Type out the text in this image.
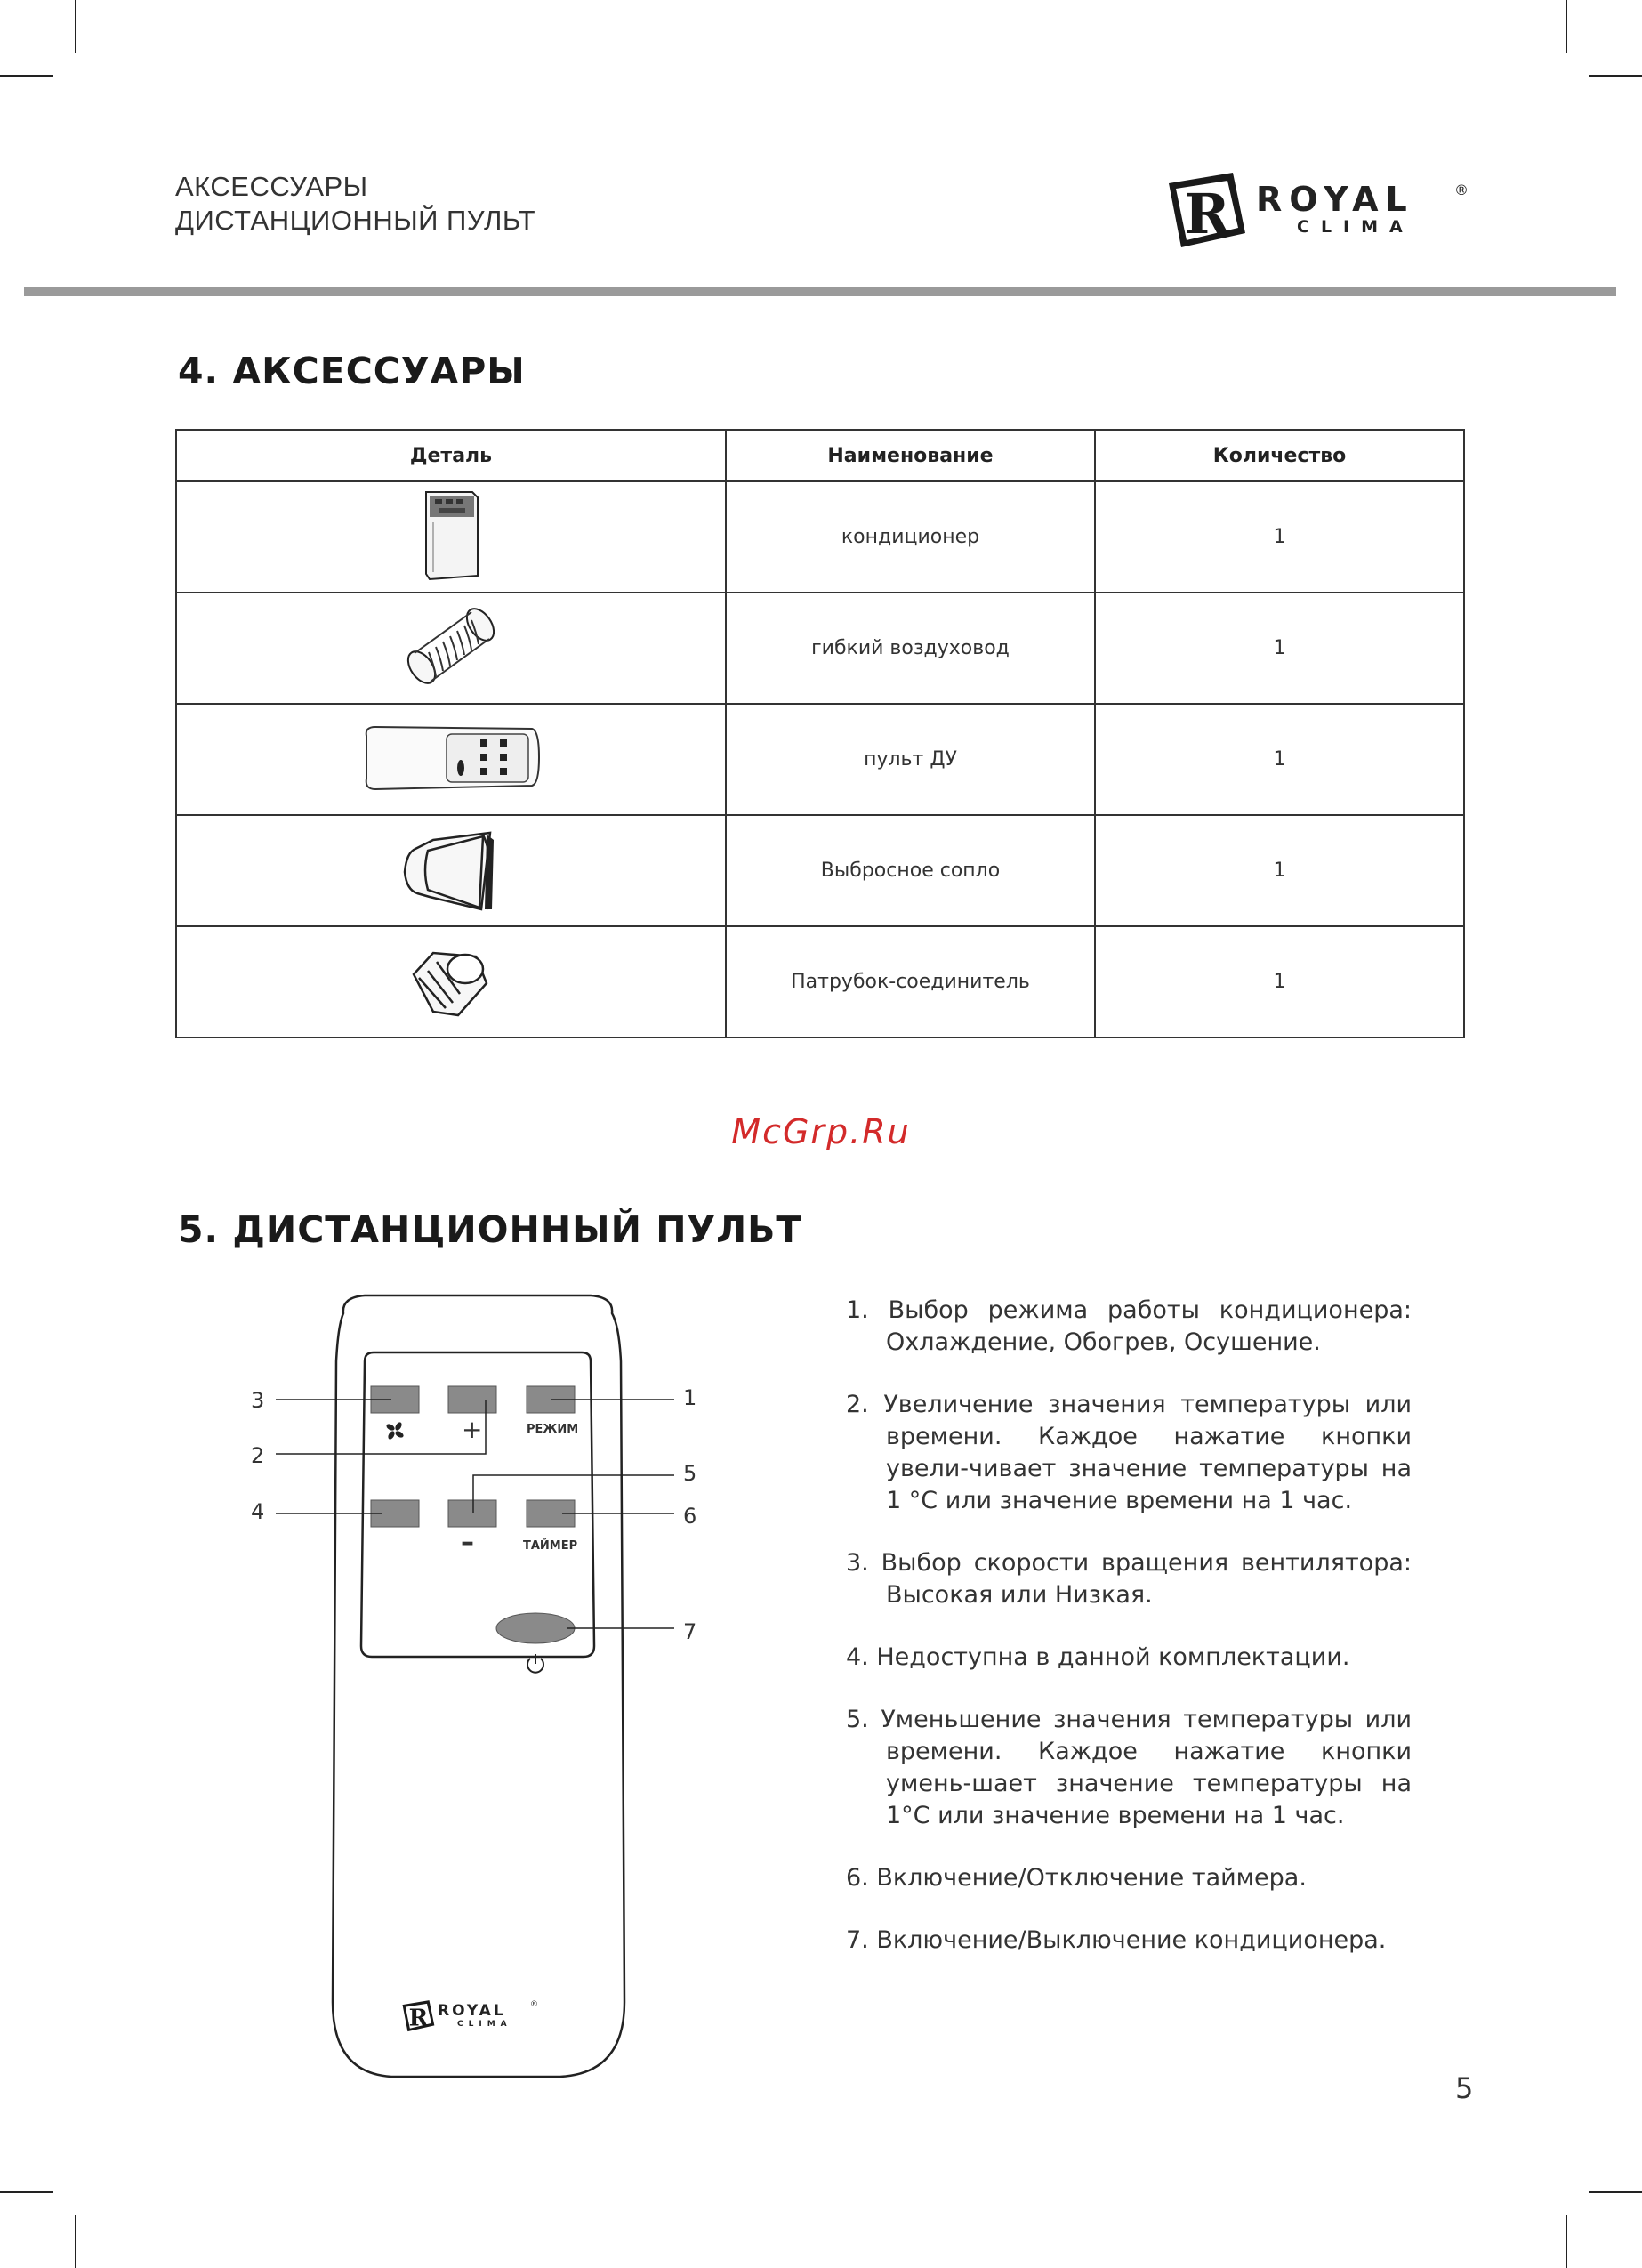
АКСЕССУАРЫ
ДИСТАНЦИОННЫЙ ПУЛЬТ	R ROYAL	®
CLIMA
4. АКСЕССУАРЫ
Деталь	Наименование	Количество
	кондиционер	1
	гибкий воздуховод	1
	пульт ДУ	1
	Выбросное сопло	1
	Патрубок-соединитель	1
McGrp.Ru
5. ДИСТАНЦИОННЫЙ ПУЛЬТ
+	РЕЖИМ
–	ТАЙМЕР
1
2
3
4
5
6
7
R ROYAL	®
CLIMA

1. Выбор режима работы кондиционера: Охлаждение, Обогрев, Осушение.

2. Увеличение значения температуры или времени. Каждое нажатие кнопки увели-чивает значение температуры на 1 °С или значение времени на 1 час.

3. Выбор скорости вращения вентилятора: Высокая или Низкая.

4. Недоступна в данной комплектации.

5. Уменьшение значения температуры или времени. Каждое нажатие кнопки умень-шает значение температуры на 1°С или значение времени на 1 час.

6. Включение/Отключение таймера.

7. Включение/Выключение кондиционера.

5
